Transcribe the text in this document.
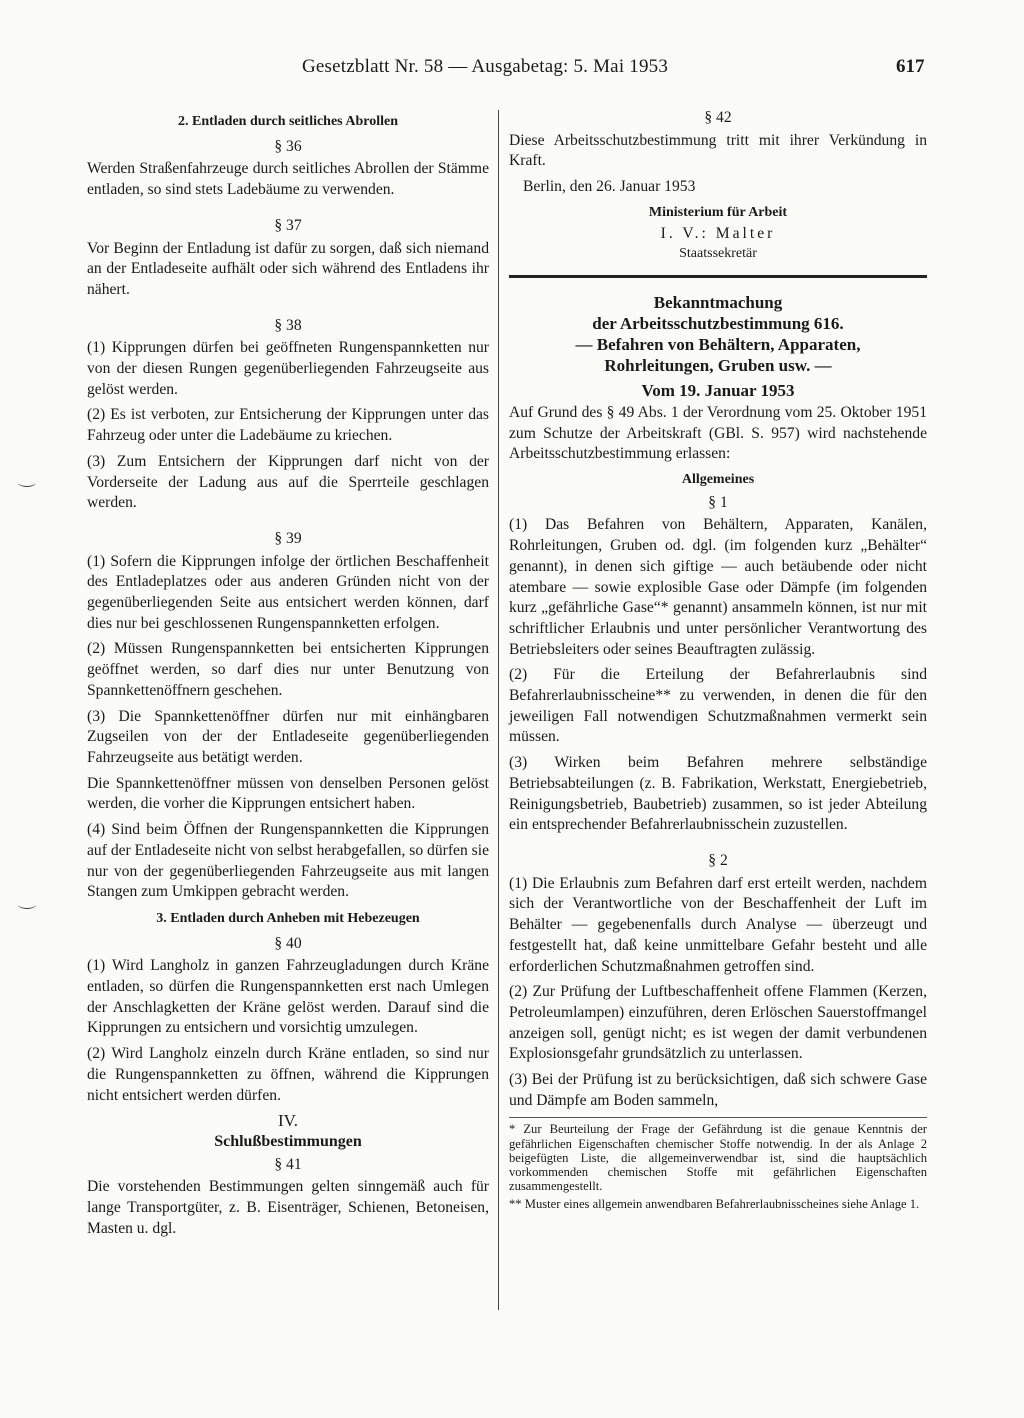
Gesetzblatt Nr. 58 — Ausgabetag: 5. Mai 1953	617
2. Entladen durch seitliches Abrollen
§ 36

Werden Straßenfahrzeuge durch seitliches Abrollen der Stämme entladen, so sind stets Ladebäume zu verwenden.

§ 37

Vor Beginn der Entladung ist dafür zu sorgen, daß sich niemand an der Entladeseite aufhält oder sich während des Entladens ihr nähert.

§ 38

(1) Kipprungen dürfen bei geöffneten Rungenspannketten nur von der diesen Rungen gegenüberliegenden Fahrzeugseite aus gelöst werden.

(2) Es ist verboten, zur Entsicherung der Kipprungen unter das Fahrzeug oder unter die Ladebäume zu kriechen.

(3) Zum Entsichern der Kipprungen darf nicht von der Vorderseite der Ladung aus auf die Sperrteile geschlagen werden.

§ 39

(1) Sofern die Kipprungen infolge der örtlichen Beschaffenheit des Entladeplatzes oder aus anderen Gründen nicht von der gegenüberliegenden Seite aus entsichert werden können, darf dies nur bei geschlossenen Rungenspannketten erfolgen.

(2) Müssen Rungenspannketten bei entsicherten Kipprungen geöffnet werden, so darf dies nur unter Benutzung von Spannkettenöffnern geschehen.

(3) Die Spannkettenöffner dürfen nur mit einhängbaren Zugseilen von der der Entladeseite gegenüberliegenden Fahrzeugseite aus betätigt werden.

Die Spannkettenöffner müssen von denselben Personen gelöst werden, die vorher die Kipprungen entsichert haben.

(4) Sind beim Öffnen der Rungenspannketten die Kipprungen auf der Entladeseite nicht von selbst herabgefallen, so dürfen sie nur von der gegenüberliegenden Fahrzeugseite aus mit langen Stangen zum Umkippen gebracht werden.

3. Entladen durch Anheben mit Hebezeugen
§ 40

(1) Wird Langholz in ganzen Fahrzeugladungen durch Kräne entladen, so dürfen die Rungenspannketten erst nach Umlegen der Anschlagketten der Kräne gelöst werden. Darauf sind die Kipprungen zu entsichern und vorsichtig umzulegen.

(2) Wird Langholz einzeln durch Kräne entladen, so sind nur die Rungenspannketten zu öffnen, während die Kipprungen nicht entsichert werden dürfen.

IV.
Schlußbestimmungen
§ 41

Die vorstehenden Bestimmungen gelten sinngemäß auch für lange Transportgüter, z. B. Eisenträger, Schienen, Betoneisen, Masten u. dgl.

§ 42

Diese Arbeitsschutzbestimmung tritt mit ihrer Verkündung in Kraft.

Berlin, den 26. Januar 1953

Ministerium für Arbeit
I. V.: Malter
Staatssekretär
Bekanntmachung
der Arbeitsschutzbestimmung 616.
— Befahren von Behältern, Apparaten,
Rohrleitungen, Gruben usw. —
Vom 19. Januar 1953

Auf Grund des § 49 Abs. 1 der Verordnung vom 25. Oktober 1951 zum Schutze der Arbeitskraft (GBl. S. 957) wird nachstehende Arbeitsschutzbestimmung erlassen:

Allgemeines
§ 1

(1) Das Befahren von Behältern, Apparaten, Kanälen, Rohrleitungen, Gruben od. dgl. (im folgenden kurz „Behälter“ genannt), in denen sich giftige — auch betäubende oder nicht atembare — sowie explosible Gase oder Dämpfe (im folgenden kurz „gefährliche Gase“* genannt) ansammeln können, ist nur mit schriftlicher Erlaubnis und unter persönlicher Verantwortung des Betriebsleiters oder seines Beauftragten zulässig.

(2) Für die Erteilung der Befahrerlaubnis sind Befahrerlaubnisscheine** zu verwenden, in denen die für den jeweiligen Fall notwendigen Schutzmaßnahmen vermerkt sein müssen.

(3) Wirken beim Befahren mehrere selbständige Betriebsabteilungen (z. B. Fabrikation, Werkstatt, Energiebetrieb, Reinigungsbetrieb, Baubetrieb) zusammen, so ist jeder Abteilung ein entsprechender Befahrerlaubnisschein zuzustellen.

§ 2

(1) Die Erlaubnis zum Befahren darf erst erteilt werden, nachdem sich der Verantwortliche von der Beschaffenheit der Luft im Behälter — gegebenenfalls durch Analyse — überzeugt und festgestellt hat, daß keine unmittelbare Gefahr besteht und alle erforderlichen Schutzmaßnahmen getroffen sind.

(2) Zur Prüfung der Luftbeschaffenheit offene Flammen (Kerzen, Petroleumlampen) einzuführen, deren Erlöschen Sauerstoffmangel anzeigen soll, genügt nicht; es ist wegen der damit verbundenen Explosionsgefahr grundsätzlich zu unterlassen.

(3) Bei der Prüfung ist zu berücksichtigen, daß sich schwere Gase und Dämpfe am Boden sammeln,

* Zur Beurteilung der Frage der Gefährdung ist die genaue Kenntnis der gefährlichen Eigenschaften chemischer Stoffe notwendig. In der als Anlage 2 beigefügten Liste, die allgemeinverwendbar ist, sind die hauptsächlich vorkommenden chemischen Stoffe mit gefährlichen Eigenschaften zusammengestellt.

** Muster eines allgemein anwendbaren Befahrerlaubnisscheines siehe Anlage 1.
